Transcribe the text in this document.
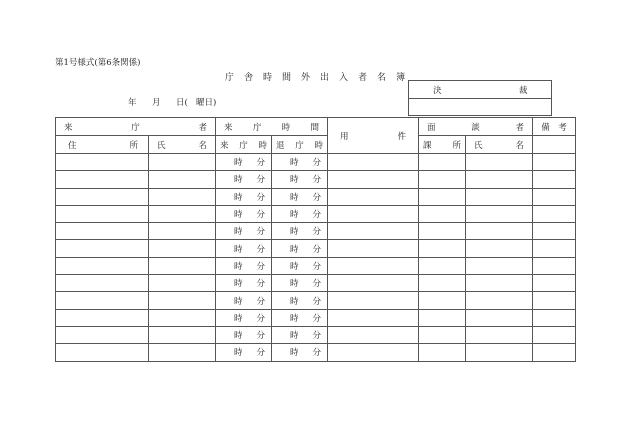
第1号様式(第6条関係)
庁 舎 時 間 外 出 入 者 名 簿
年 月 日( 曜日)
決	裁
来 庁 者		来 庁 時 間		用 件	面 談 者		備　考

住 所	氏 名	来 庁 時	退 庁 時		課 所	氏 名	

		時 分	時 分				

		時 分	時 分				

		時 分	時 分				

		時 分	時 分				

		時 分	時 分				

		時 分	時 分				

		時 分	時 分				

		時 分	時 分				

		時 分	時 分				

		時 分	時 分				

		時 分	時 分				

		時 分	時 分				
